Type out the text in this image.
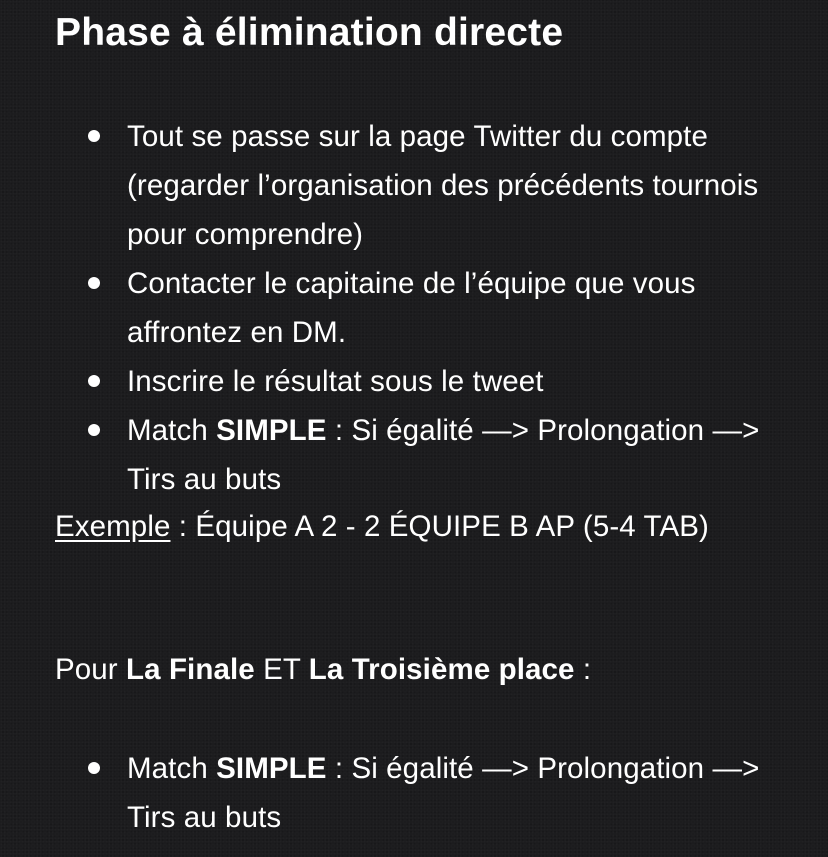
Phase à élimination directe
Tout se passe sur la page Twitter du compte (regarder l’organisation des précédents tournois pour comprendre)
Contacter le capitaine de l’équipe que vous affrontez en DM.
Inscrire le résultat sous le tweet
Match SIMPLE : Si égalité —> Prolongation —> Tirs au buts

Exemple : Équipe A 2 - 2 ÉQUIPE B AP (5-4 TAB)

Pour La Finale ET La Troisième place :

Match SIMPLE : Si égalité —> Prolongation —> Tirs au buts
